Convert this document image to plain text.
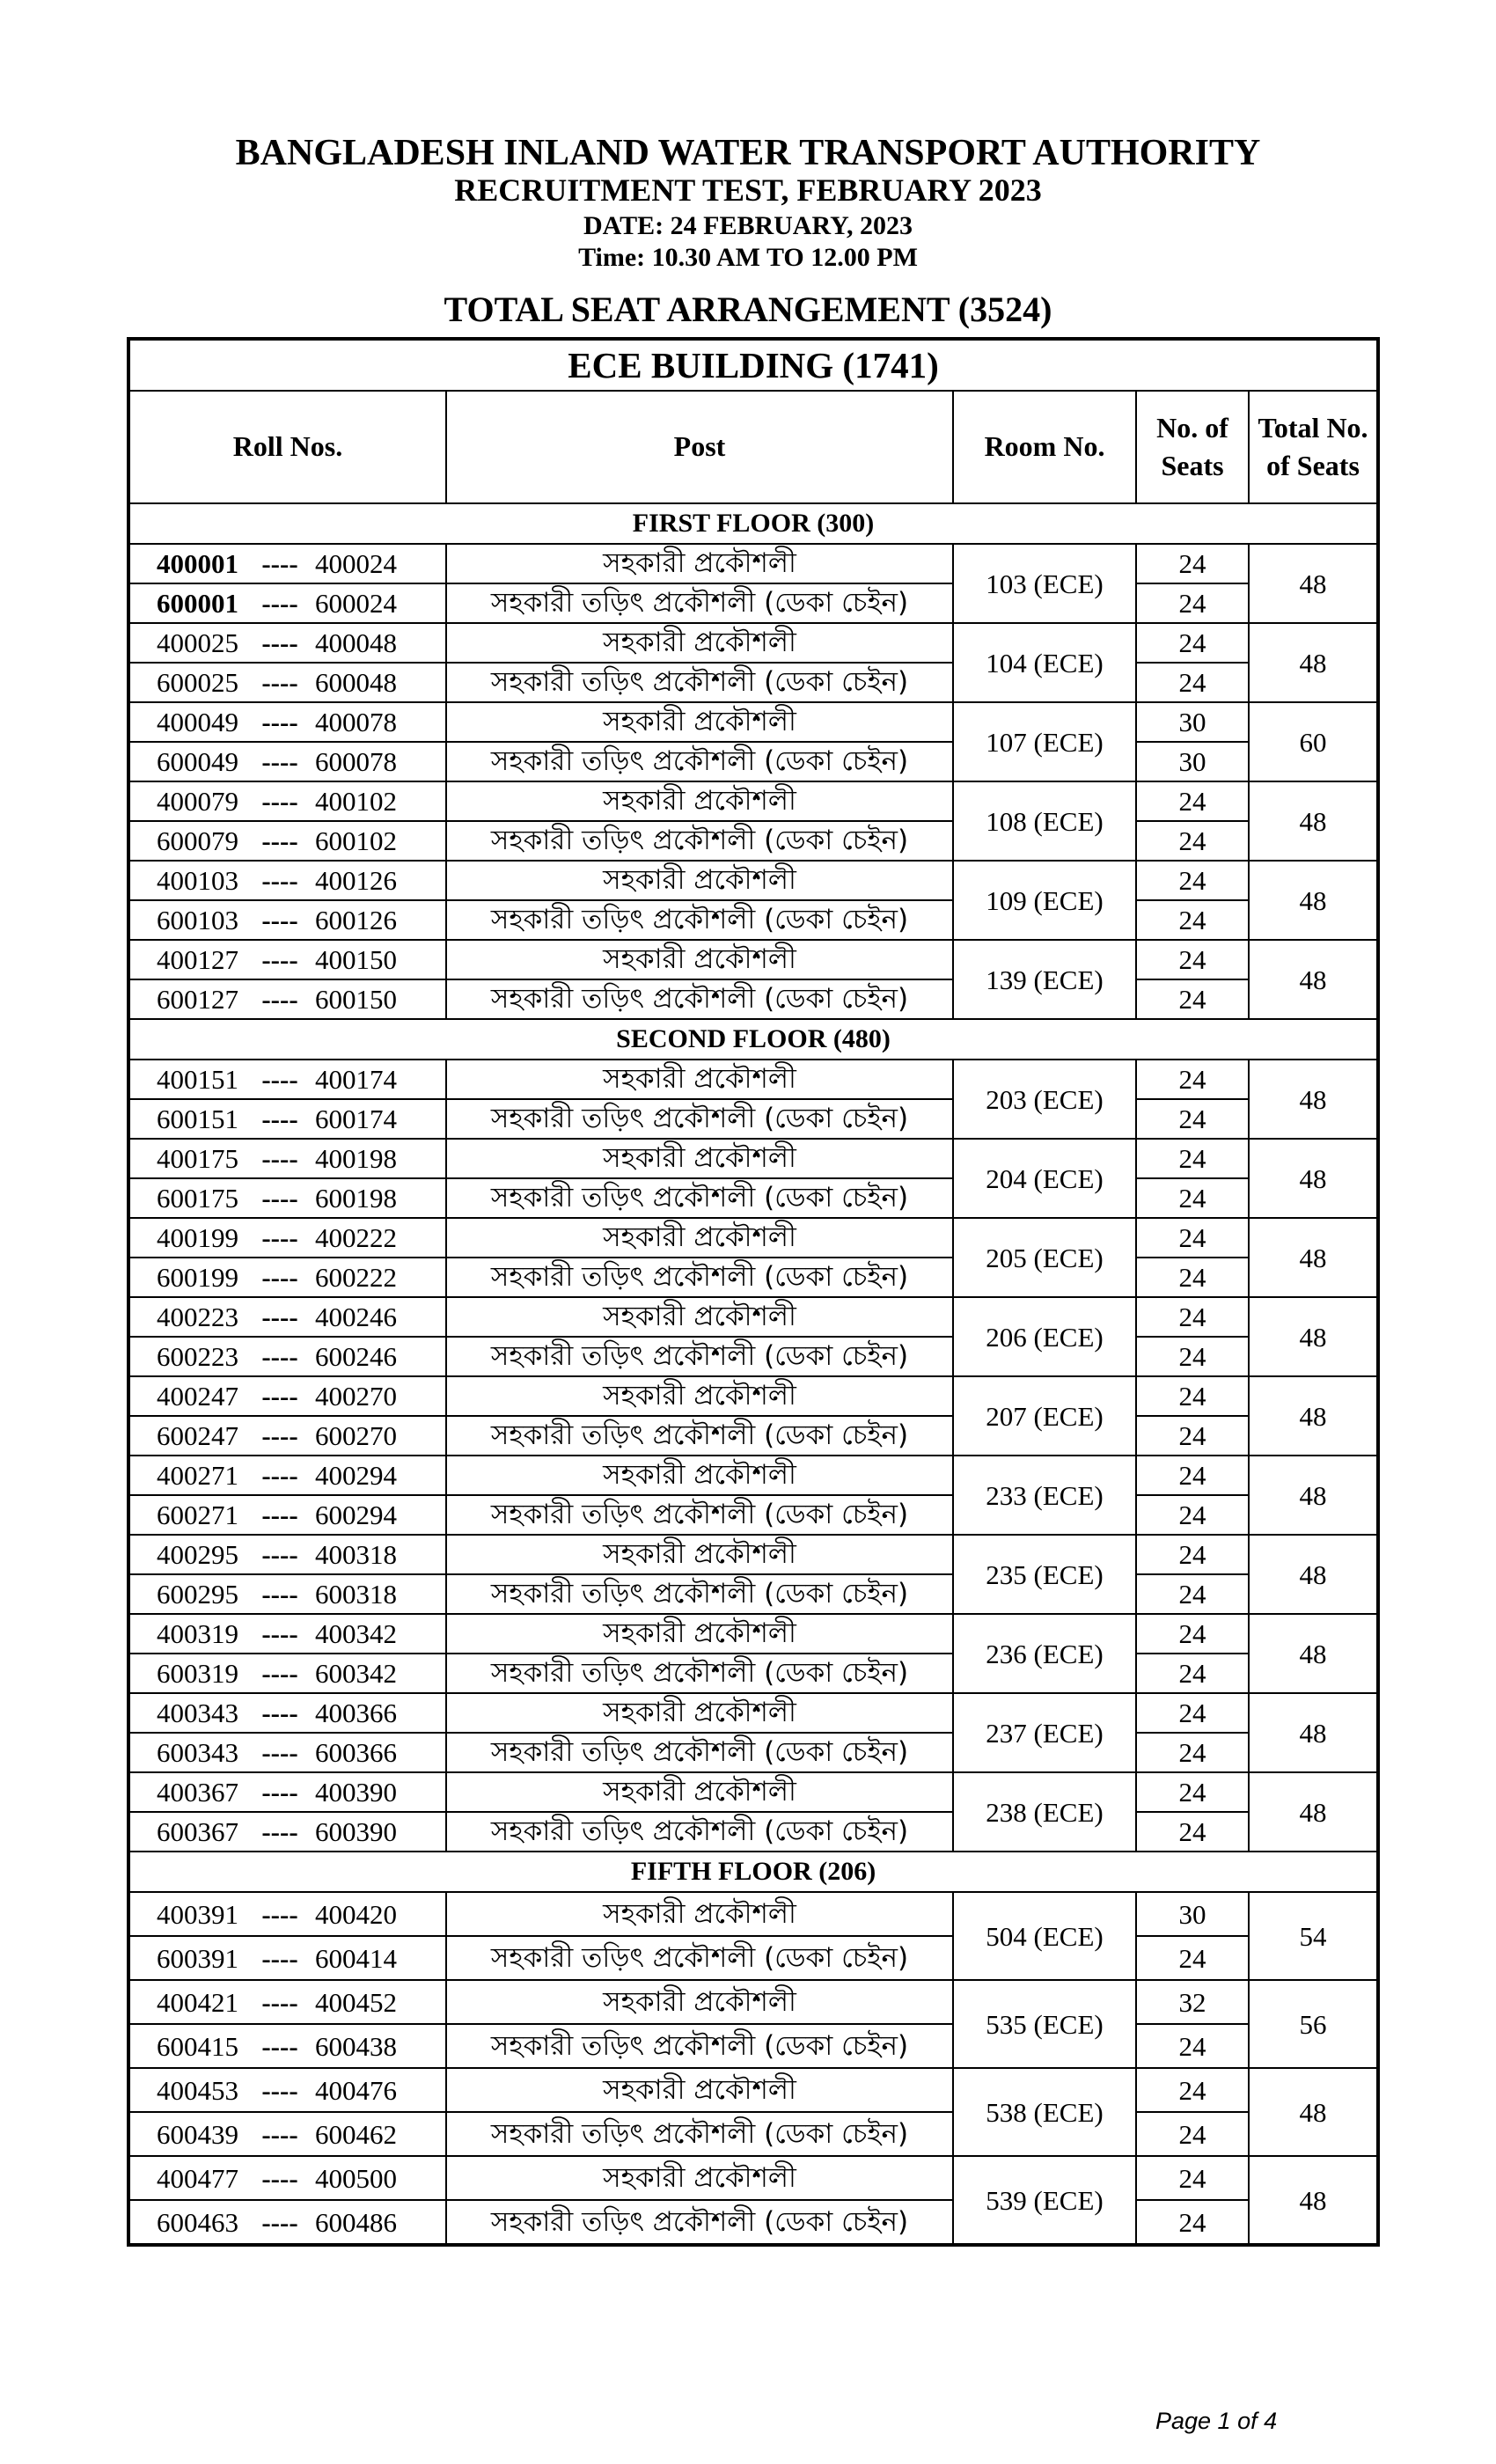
BANGLADESH INLAND WATER TRANSPORT AUTHORITY
RECRUITMENT TEST, FEBRUARY 2023
DATE: 24 FEBRUARY, 2023
Time: 10.30 AM TO 12.00 PM
TOTAL SEAT ARRANGEMENT (3524)
ECE BUILDING (1741)				
Roll Nos.	Post	Room No.	No. of Seats	Total No. of Seats
FIRST FLOOR (300)				

400001 ---- 400024	সহকারী প্রকৌশলী	103 (ECE)	24	48

600001 ---- 600024	সহকারী তড়িৎ প্রকৌশলী (ডেকা চেইন)		24	

400025 ---- 400048	সহকারী প্রকৌশলী	104 (ECE)	24	48

600025 ---- 600048	সহকারী তড়িৎ প্রকৌশলী (ডেকা চেইন)		24	

400049 ---- 400078	সহকারী প্রকৌশলী	107 (ECE)	30	60

600049 ---- 600078	সহকারী তড়িৎ প্রকৌশলী (ডেকা চেইন)		30	

400079 ---- 400102	সহকারী প্রকৌশলী	108 (ECE)	24	48

600079 ---- 600102	সহকারী তড়িৎ প্রকৌশলী (ডেকা চেইন)		24	

400103 ---- 400126	সহকারী প্রকৌশলী	109 (ECE)	24	48

600103 ---- 600126	সহকারী তড়িৎ প্রকৌশলী (ডেকা চেইন)		24	

400127 ---- 400150	সহকারী প্রকৌশলী	139 (ECE)	24	48

600127 ---- 600150	সহকারী তড়িৎ প্রকৌশলী (ডেকা চেইন)		24	
SECOND FLOOR (480)				

400151 ---- 400174	সহকারী প্রকৌশলী	203 (ECE)	24	48

600151 ---- 600174	সহকারী তড়িৎ প্রকৌশলী (ডেকা চেইন)		24	

400175 ---- 400198	সহকারী প্রকৌশলী	204 (ECE)	24	48

600175 ---- 600198	সহকারী তড়িৎ প্রকৌশলী (ডেকা চেইন)		24	

400199 ---- 400222	সহকারী প্রকৌশলী	205 (ECE)	24	48

600199 ---- 600222	সহকারী তড়িৎ প্রকৌশলী (ডেকা চেইন)		24	

400223 ---- 400246	সহকারী প্রকৌশলী	206 (ECE)	24	48

600223 ---- 600246	সহকারী তড়িৎ প্রকৌশলী (ডেকা চেইন)		24	

400247 ---- 400270	সহকারী প্রকৌশলী	207 (ECE)	24	48

600247 ---- 600270	সহকারী তড়িৎ প্রকৌশলী (ডেকা চেইন)		24	

400271 ---- 400294	সহকারী প্রকৌশলী	233 (ECE)	24	48

600271 ---- 600294	সহকারী তড়িৎ প্রকৌশলী (ডেকা চেইন)		24	

400295 ---- 400318	সহকারী প্রকৌশলী	235 (ECE)	24	48

600295 ---- 600318	সহকারী তড়িৎ প্রকৌশলী (ডেকা চেইন)		24	

400319 ---- 400342	সহকারী প্রকৌশলী	236 (ECE)	24	48

600319 ---- 600342	সহকারী তড়িৎ প্রকৌশলী (ডেকা চেইন)		24	

400343 ---- 400366	সহকারী প্রকৌশলী	237 (ECE)	24	48

600343 ---- 600366	সহকারী তড়িৎ প্রকৌশলী (ডেকা চেইন)		24	

400367 ---- 400390	সহকারী প্রকৌশলী	238 (ECE)	24	48

600367 ---- 600390	সহকারী তড়িৎ প্রকৌশলী (ডেকা চেইন)		24	
FIFTH FLOOR (206)				

400391 ---- 400420	সহকারী প্রকৌশলী	504 (ECE)	30	54

600391 ---- 600414	সহকারী তড়িৎ প্রকৌশলী (ডেকা চেইন)		24	

400421 ---- 400452	সহকারী প্রকৌশলী	535 (ECE)	32	56

600415 ---- 600438	সহকারী তড়িৎ প্রকৌশলী (ডেকা চেইন)		24	

400453 ---- 400476	সহকারী প্রকৌশলী	538 (ECE)	24	48

600439 ---- 600462	সহকারী তড়িৎ প্রকৌশলী (ডেকা চেইন)		24	

400477 ---- 400500	সহকারী প্রকৌশলী	539 (ECE)	24	48

600463 ---- 600486	সহকারী তড়িৎ প্রকৌশলী (ডেকা চেইন)		24	
Page 1 of 4
